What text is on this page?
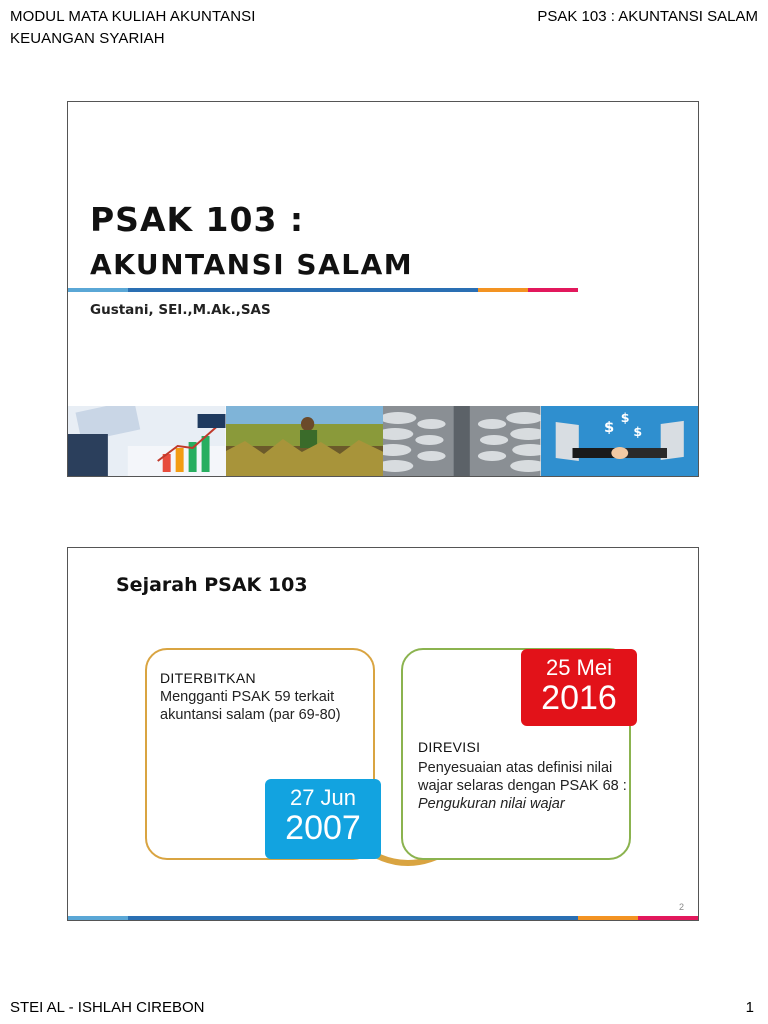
MODUL MATA KULIAH AKUNTANSI KEUANGAN SYARIAH
PSAK 103 : AKUNTANSI SALAM
PSAK 103 :
AKUNTANSI SALAM
Gustani, SEI.,M.Ak.,SAS
$
$
$
Sejarah PSAK 103
DITERBITKAN
Mengganti PSAK 59 terkait akuntansi salam (par 69-80)
DIREVISI
Penyesuaian atas definisi nilai wajar selaras dengan PSAK 68 : Pengukuran nilai wajar
27 Jun
2007
25 Mei
2016
2
STEI AL - ISHLAH CIREBON	1
